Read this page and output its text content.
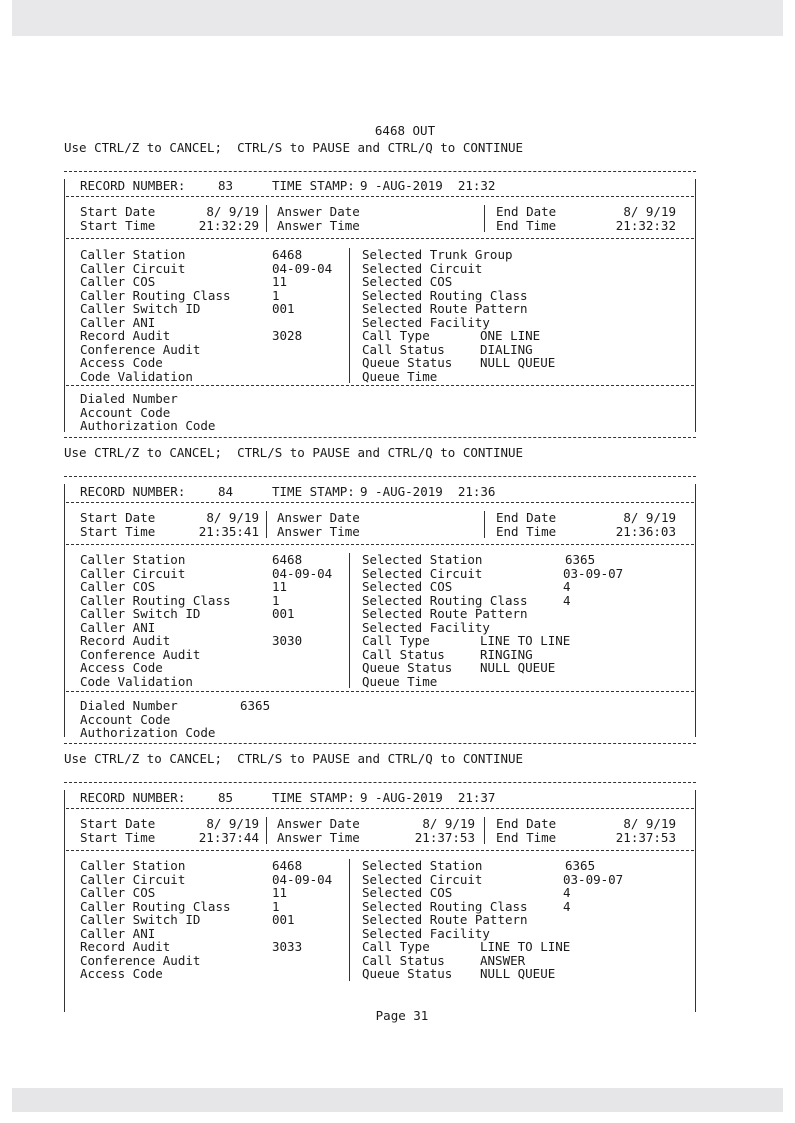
6468 OUT
Use CTRL/Z to CANCEL;  CTRL/S to PAUSE and CTRL/Q to CONTINUE
RECORD NUMBER:	83	TIME STAMP: 9 -AUG-2019  21:32
Start Date	8/ 9/19
Start Time	21:32:29
Answer Date
Answer Time
End Date	8/ 9/19
End Time	21:32:32
Caller Station	6468
Caller Circuit	04-09-04
Caller COS	11
Caller Routing Class	1
Caller Switch ID	001
Caller ANI
Record Audit	3028
Conference Audit
Access Code
Code Validation
Selected Trunk Group
Selected Circuit
Selected COS
Selected Routing Class
Selected Route Pattern
Selected Facility
Call Type	ONE LINE
Call Status	DIALING
Queue Status NULL QUEUE
Queue Time
Dialed Number
Account Code
Authorization Code
Use CTRL/Z to CANCEL;  CTRL/S to PAUSE and CTRL/Q to CONTINUE
RECORD NUMBER:	84	TIME STAMP: 9 -AUG-2019  21:36
Start Date	8/ 9/19
Start Time	21:35:41
Answer Date
Answer Time
End Date	8/ 9/19
End Time	21:36:03
Caller Station	6468
Caller Circuit	04-09-04
Caller COS	11
Caller Routing Class	1
Caller Switch ID	001
Caller ANI
Record Audit	3030
Conference Audit
Access Code
Code Validation
Selected Station	6365
Selected Circuit	03-09-07
Selected COS	4
Selected Routing Class	4
Selected Route Pattern
Selected Facility
Call Type	LINE TO LINE
Call Status	RINGING
Queue Status NULL QUEUE
Queue Time
Dialed Number	6365
Account Code
Authorization Code
Use CTRL/Z to CANCEL;  CTRL/S to PAUSE and CTRL/Q to CONTINUE
RECORD NUMBER:	85	TIME STAMP: 9 -AUG-2019  21:37
Start Date	8/ 9/19
Start Time	21:37:44
Answer Date	8/ 9/19
Answer Time	21:37:53
End Date	8/ 9/19
End Time	21:37:53
Caller Station	6468
Caller Circuit	04-09-04
Caller COS	11
Caller Routing Class	1
Caller Switch ID	001
Caller ANI
Record Audit	3033
Conference Audit
Access Code
Selected Station	6365
Selected Circuit	03-09-07
Selected COS	4
Selected Routing Class	4
Selected Route Pattern
Selected Facility
Call Type	LINE TO LINE
Call Status	ANSWER
Queue Status NULL QUEUE
Page 31
